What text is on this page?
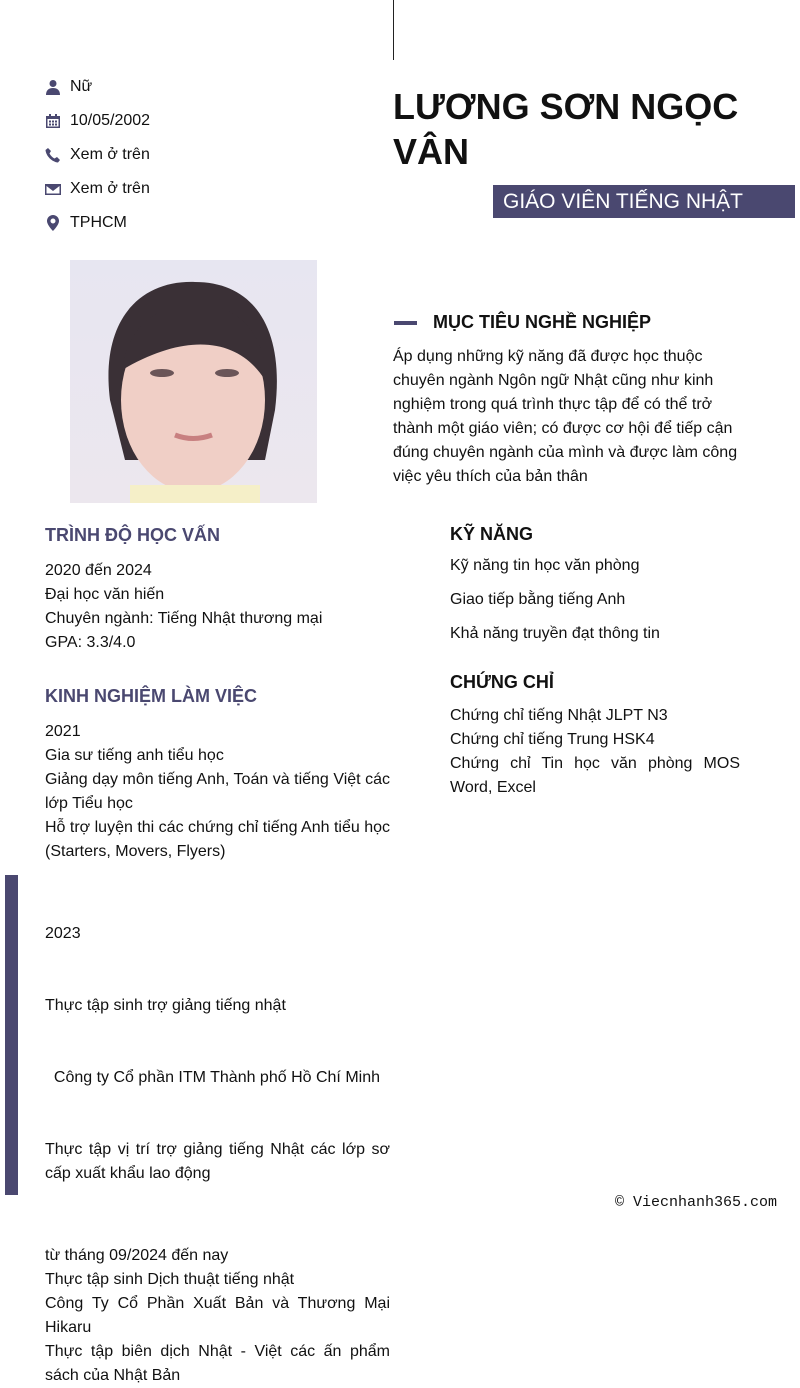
Nữ
10/05/2002
Xem ở trên
Xem ở trên
TPHCM
LƯƠNG SƠN NGỌC
VÂN
GIÁO VIÊN TIẾNG NHẬT
MỤC TIÊU NGHỀ NGHIỆP
Áp dụng những kỹ năng đã được học thuộc chuyên ngành Ngôn ngữ Nhật cũng như kinh nghiệm trong quá trình thực tập để có thể trở thành một giáo viên; có được cơ hội để tiếp cận đúng chuyên ngành của mình và được làm công việc yêu thích của bản thân
TRÌNH ĐỘ HỌC VẤN
2020 đến 2024
Đại học văn hiến
Chuyên ngành: Tiếng Nhật thương mại
GPA: 3.3/4.0
KINH NGHIỆM LÀM VIỆC
2021
Gia sư tiếng anh tiểu học
Giảng dạy môn tiếng Anh, Toán và tiếng Việt các lớp Tiểu học
Hỗ trợ luyện thi các chứng chỉ tiếng Anh tiểu học (Starters, Movers, Flyers)

2023

Thực tập sinh trợ giảng tiếng nhật

Công ty Cổ phần ITM Thành phố Hồ Chí Minh

Thực tập vị trí trợ giảng tiếng Nhật các lớp sơ cấp xuất khẩu lao động

từ tháng 09/2024 đến nay
Thực tập sinh Dịch thuật tiếng nhật
Công Ty Cổ Phần Xuất Bản và Thương Mại Hikaru
Thực tập biên dịch Nhật - Việt các ấn phẩm sách của Nhật Bản
KỸ NĂNG
Kỹ năng tin học văn phòng
Giao tiếp bằng tiếng Anh
Khả năng truyền đạt thông tin
CHỨNG CHỈ
Chứng chỉ tiếng Nhật JLPT N3
Chứng chỉ tiếng Trung HSK4
Chứng chỉ Tin học văn phòng MOS Word, Excel
© Viecnhanh365.com
